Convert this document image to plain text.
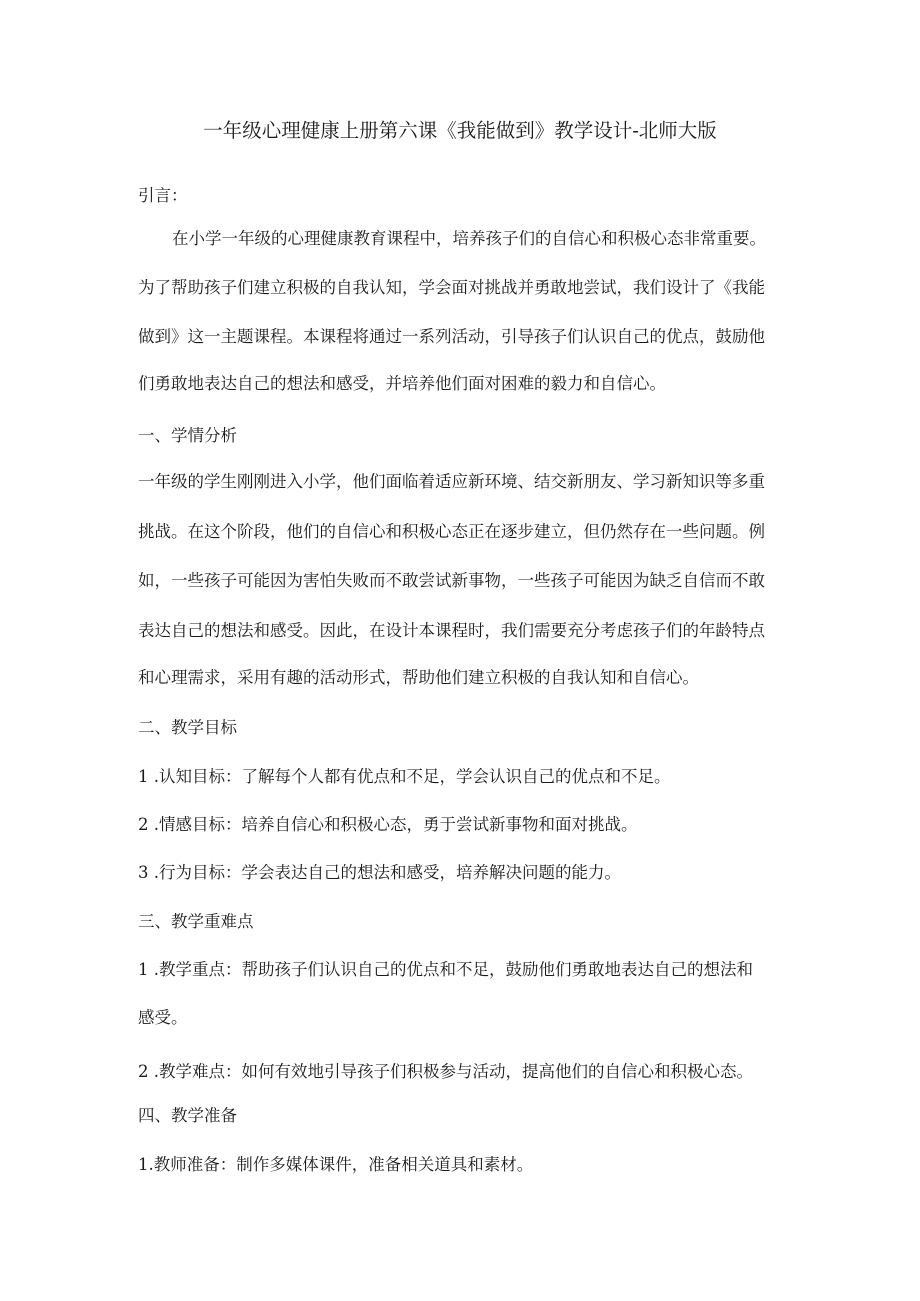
一年级心理健康上册第六课《我能做到》教学设计-北师大版
引言：
在小学一年级的心理健康教育课程中，培养孩子们的自信心和积极心态非常重要。
为了帮助孩子们建立积极的自我认知，学会面对挑战并勇敢地尝试，我们设计了《我能
做到》这一主题课程。本课程将通过一系列活动，引导孩子们认识自己的优点，鼓励他
们勇敢地表达自己的想法和感受，并培养他们面对困难的毅力和自信心。
一、学情分析
一年级的学生刚刚进入小学，他们面临着适应新环境、结交新朋友、学习新知识等多重
挑战。在这个阶段，他们的自信心和积极心态正在逐步建立，但仍然存在一些问题。例
如，一些孩子可能因为害怕失败而不敢尝试新事物，一些孩子可能因为缺乏自信而不敢
表达自己的想法和感受。因此，在设计本课程时，我们需要充分考虑孩子们的年龄特点
和心理需求，采用有趣的活动形式，帮助他们建立积极的自我认知和自信心。
二、教学目标
1 .认知目标：了解每个人都有优点和不足，学会认识自己的优点和不足。
2 .情感目标：培养自信心和积极心态，勇于尝试新事物和面对挑战。
3 .行为目标：学会表达自己的想法和感受，培养解决问题的能力。
三、教学重难点
1 .教学重点：帮助孩子们认识自己的优点和不足，鼓励他们勇敢地表达自己的想法和
感受。
2 .教学难点：如何有效地引导孩子们积极参与活动，提高他们的自信心和积极心态。
四、教学准备
1.教师准备：制作多媒体课件，准备相关道具和素材。
